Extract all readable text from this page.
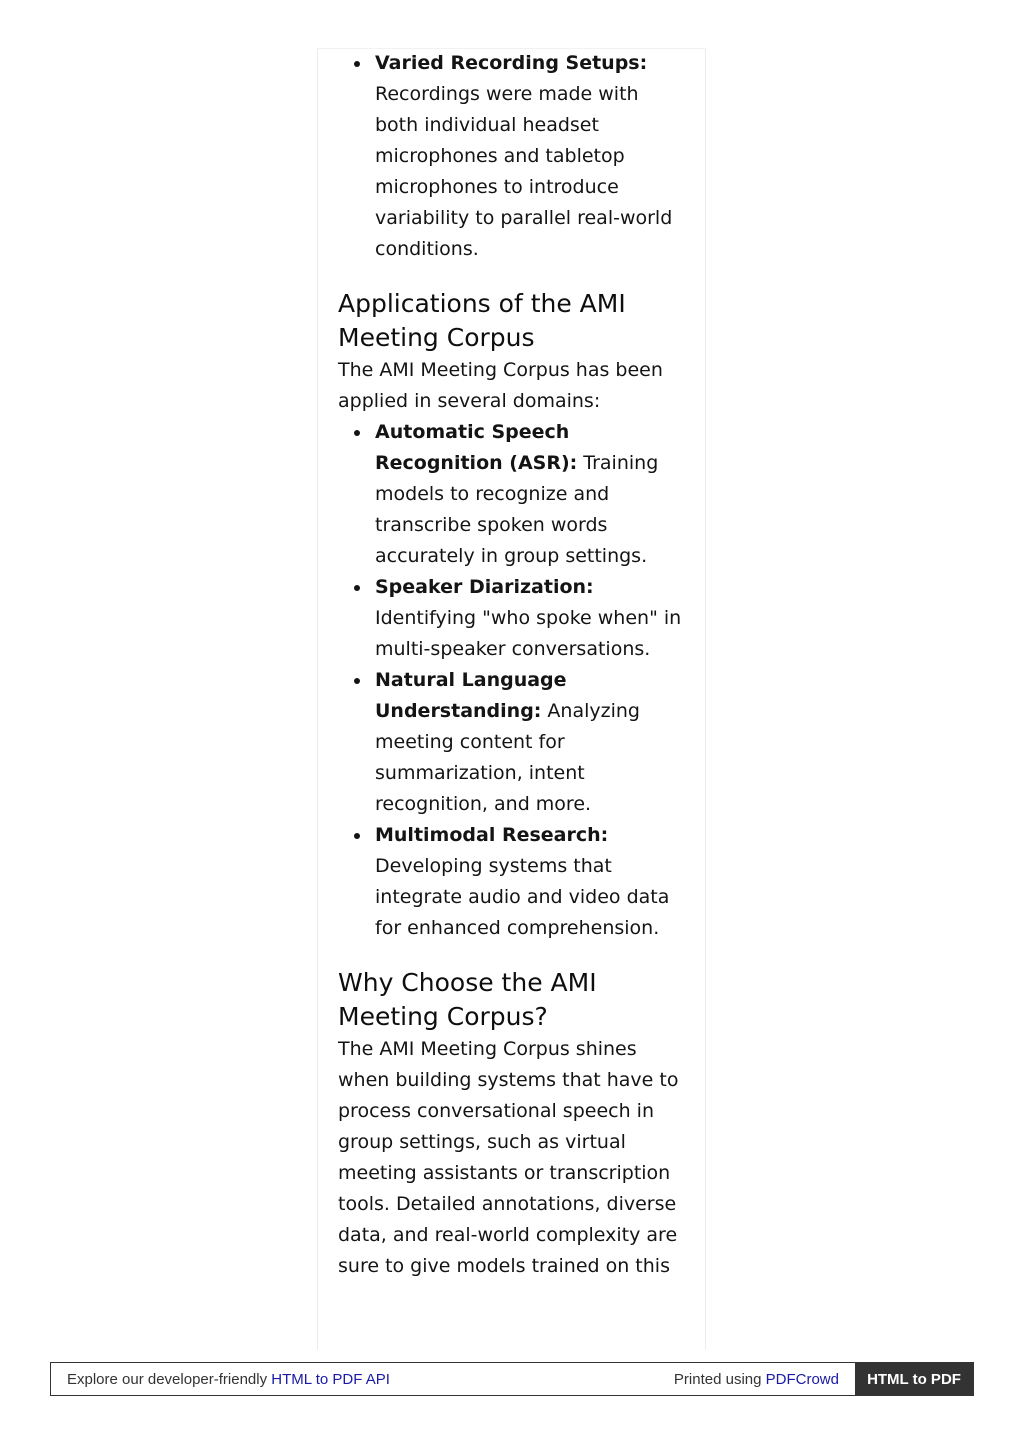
Varied Recording Setups: Recordings were made with both individual headset microphones and tabletop microphones to introduce variability to parallel real-world conditions.
Applications of the AMI Meeting Corpus

The AMI Meeting Corpus has been applied in several domains:

Automatic Speech Recognition (ASR): Training models to recognize and transcribe spoken words accurately in group settings.
Speaker Diarization: Identifying "who spoke when" in multi-speaker conversations.
Natural Language Understanding: Analyzing meeting content for summarization, intent recognition, and more.
Multimodal Research: Developing systems that integrate audio and video data for enhanced comprehension.
Why Choose the AMI Meeting Corpus?

The AMI Meeting Corpus shines when building systems that have to process conversational speech in group settings, such as virtual meeting assistants or transcription tools. Detailed annotations, diverse data, and real-world complexity are sure to give models trained on this

Explore our developer-friendly HTML to PDF API	Printed using PDFCrowd	HTML to PDF
